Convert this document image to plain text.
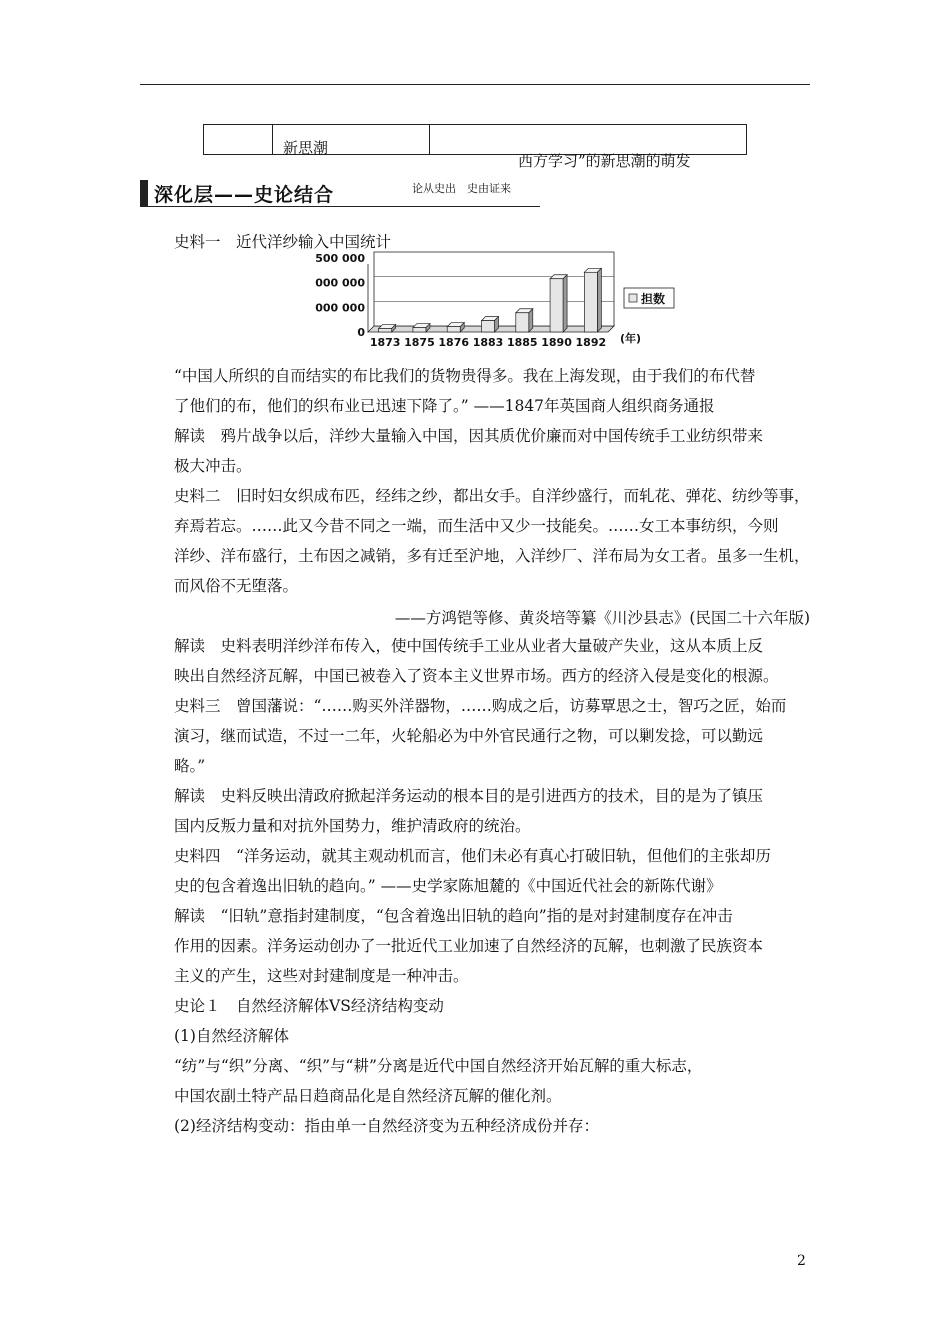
新思潮
西方学习”的新思潮的萌发
深化层——史论结合	论从史出　史由证来
史料一　近代洋纱输入中国统计
500 000
000 000
000 000
0
1873 1875 1876 1883 1885 1890 1892 (年)
担数
“中国人所织的自而结实的布比我们的货物贵得多。我在上海发现，由于我们的布代替
了他们的布，他们的织布业已迅速下降了。” ——1847年英国商人组织商务通报
解读　鸦片战争以后，洋纱大量输入中国，因其质优价廉而对中国传统手工业纺织带来
极大冲击。
史料二　旧时妇女织成布匹，经纬之纱，都出女手。自洋纱盛行，而轧花、弹花、纺纱等事，
弃焉若忘。……此又今昔不同之一端，而生活中又少一技能矣。……女工本事纺织，今则
洋纱、洋布盛行，土布因之减销，多有迁至沪地，入洋纱厂、洋布局为女工者。虽多一生机，
而风俗不无堕落。
——方鸿铠等修、黄炎培等纂《川沙县志》(民国二十六年版)
解读　史料表明洋纱洋布传入，使中国传统手工业从业者大量破产失业，这从本质上反
映出自然经济瓦解，中国已被卷入了资本主义世界市场。西方的经济入侵是变化的根源。
史料三　曾国藩说：“……购买外洋器物，……购成之后，访募覃思之士，智巧之匠，始而
演习，继而试造，不过一二年，火轮船必为中外官民通行之物，可以剿发捻，可以勤远
略。”
解读　史料反映出清政府掀起洋务运动的根本目的是引进西方的技术，目的是为了镇压
国内反叛力量和对抗外国势力，维护清政府的统治。
史料四　“洋务运动，就其主观动机而言，他们未必有真心打破旧轨，但他们的主张却历
史的包含着逸出旧轨的趋向。” ——史学家陈旭麓的《中国近代社会的新陈代谢》
解读　“旧轨”意指封建制度，“包含着逸出旧轨的趋向”指的是对封建制度存在冲击
作用的因素。洋务运动创办了一批近代工业加速了自然经济的瓦解，也刺激了民族资本
主义的产生，这些对封建制度是一种冲击。
史论１　自然经济解体VS经济结构变动
(1)自然经济解体
“纺”与“织”分离、“织”与“耕”分离是近代中国自然经济开始瓦解的重大标志，
中国农副土特产品日趋商品化是自然经济瓦解的催化剂。
(2)经济结构变动：指由单一自然经济变为五种经济成份并存：
2
